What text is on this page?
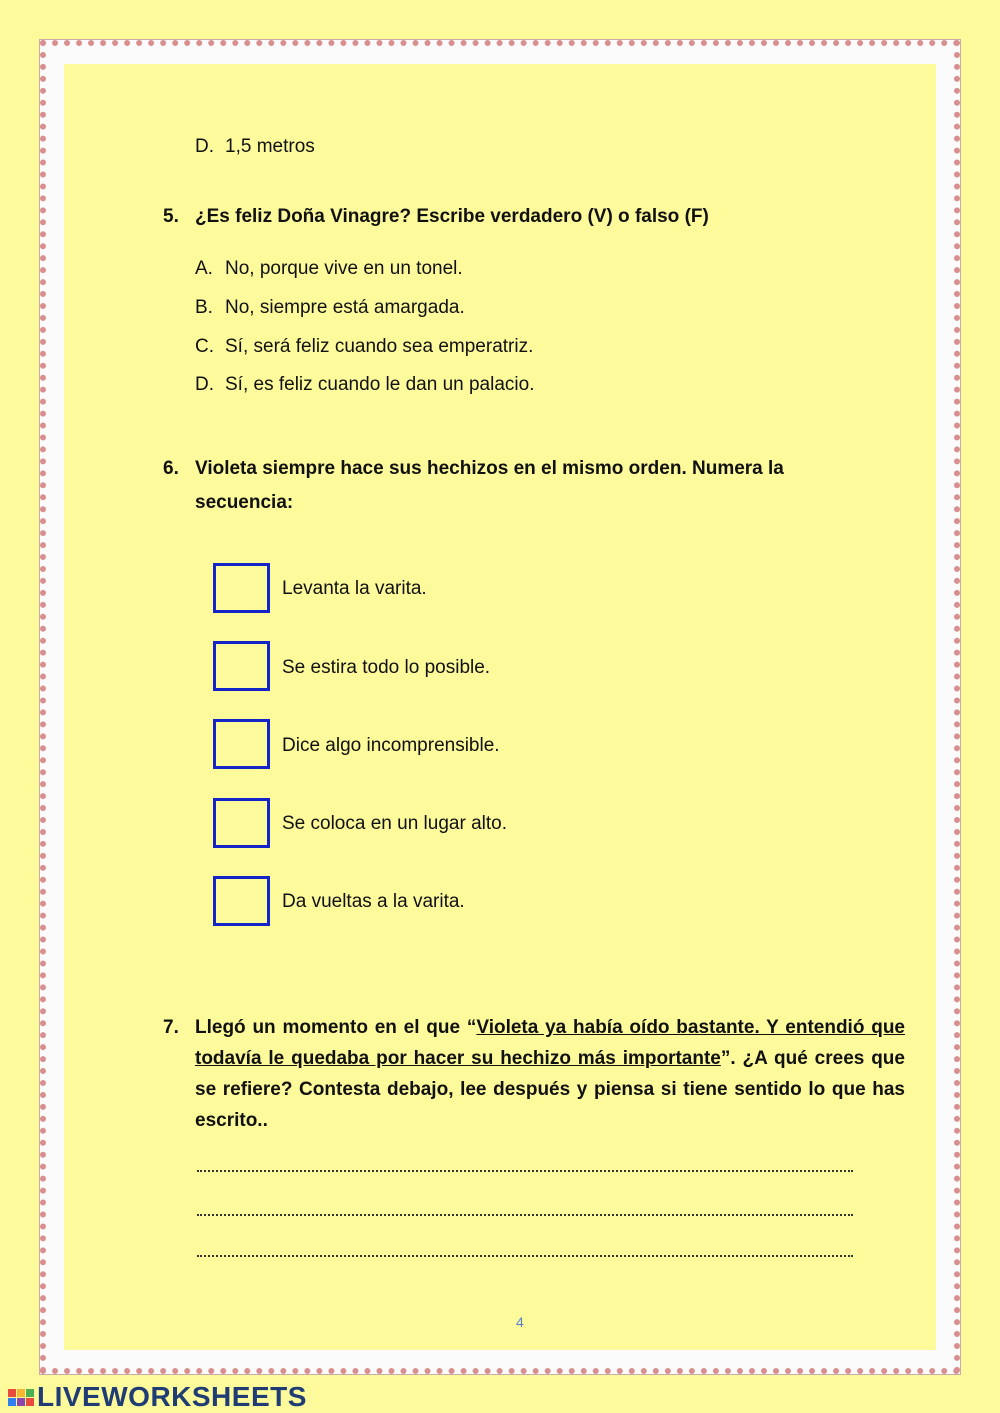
D. 1,5 metros
5. ¿Es feliz Doña Vinagre? Escribe verdadero (V) o falso (F)
A. No, porque vive en un tonel.
B. No, siempre está amargada.
C. Sí, será feliz cuando sea emperatriz.
D. Sí, es feliz cuando le dan un palacio.
6. Violeta siempre hace sus hechizos en el mismo orden. Numera la
secuencia:
Levanta la varita.
Se estira todo lo posible.
Dice algo incomprensible.
Se coloca en un lugar alto.
Da vueltas a la varita.
7. Llegó un momento en el que “Violeta ya había oído bastante. Y entendió que todavía le quedaba por hacer su hechizo más importante”. ¿A qué crees que se refiere? Contesta debajo, lee después y piensa si tiene sentido lo que has escrito..
4
LIVEWORKSHEETS
